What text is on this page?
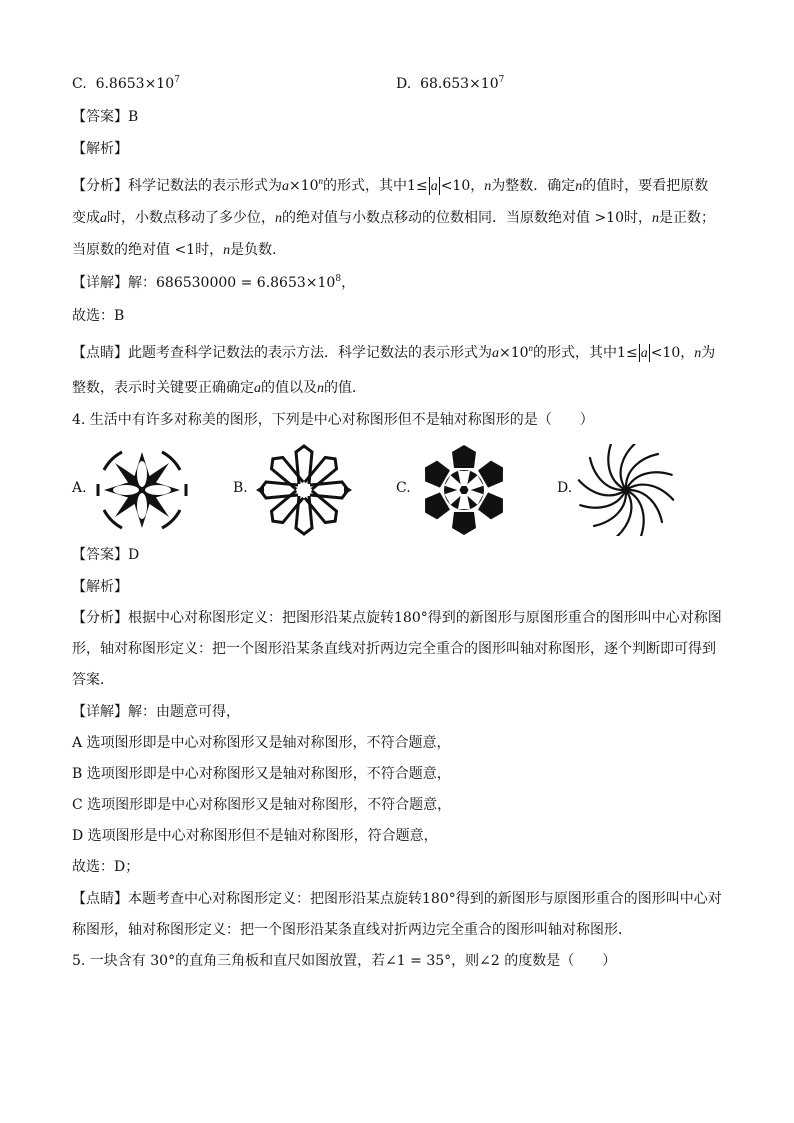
C. $6.8653\times 10^7$	D. $68.653\times 10^7$
【答案】B
【解析】
【分析】科学记数法的表示形式为$a\times 10^n$的形式，其中1≤ a <10，n为整数．确定n的值时，要看把原数
变成a时，小数点移动了多少位，n的绝对值与小数点移动的位数相同．当原数绝对值 >10时，n是正数；
当原数的绝对值 <1时，n是负数．
【详解】解：$686530000 = 6.8653\times 10^8$，
故选：B
【点睛】此题考查科学记数法的表示方法．科学记数法的表示形式为$a\times 10^n$的形式，其中1≤ a <10，n为
整数，表示时关键要正确确定a的值以及n的值．
4. 生活中有许多对称美的图形，下列是中心对称图形但不是轴对称图形的是（　　）
A.	B.	C.	D.
【答案】D
【解析】
【分析】根据中心对称图形定义：把图形沿某点旋转180°得到的新图形与原图形重合的图形叫中心对称图
形，轴对称图形定义：把一个图形沿某条直线对折两边完全重合的图形叫轴对称图形，逐个判断即可得到
答案．
【详解】解：由题意可得，
A 选项图形即是中心对称图形又是轴对称图形，不符合题意，
B 选项图形即是中心对称图形又是轴对称图形，不符合题意，
C 选项图形即是中心对称图形又是轴对称图形，不符合题意，
D 选项图形是中心对称图形但不是轴对称图形，符合题意，
故选：D；
【点睛】本题考查中心对称图形定义：把图形沿某点旋转180°得到的新图形与原图形重合的图形叫中心对
称图形，轴对称图形定义：把一个图形沿某条直线对折两边完全重合的图形叫轴对称图形．
5. 一块含有 30°的直角三角板和直尺如图放置，若∠1 = 35°，则∠2 的度数是（　　）
